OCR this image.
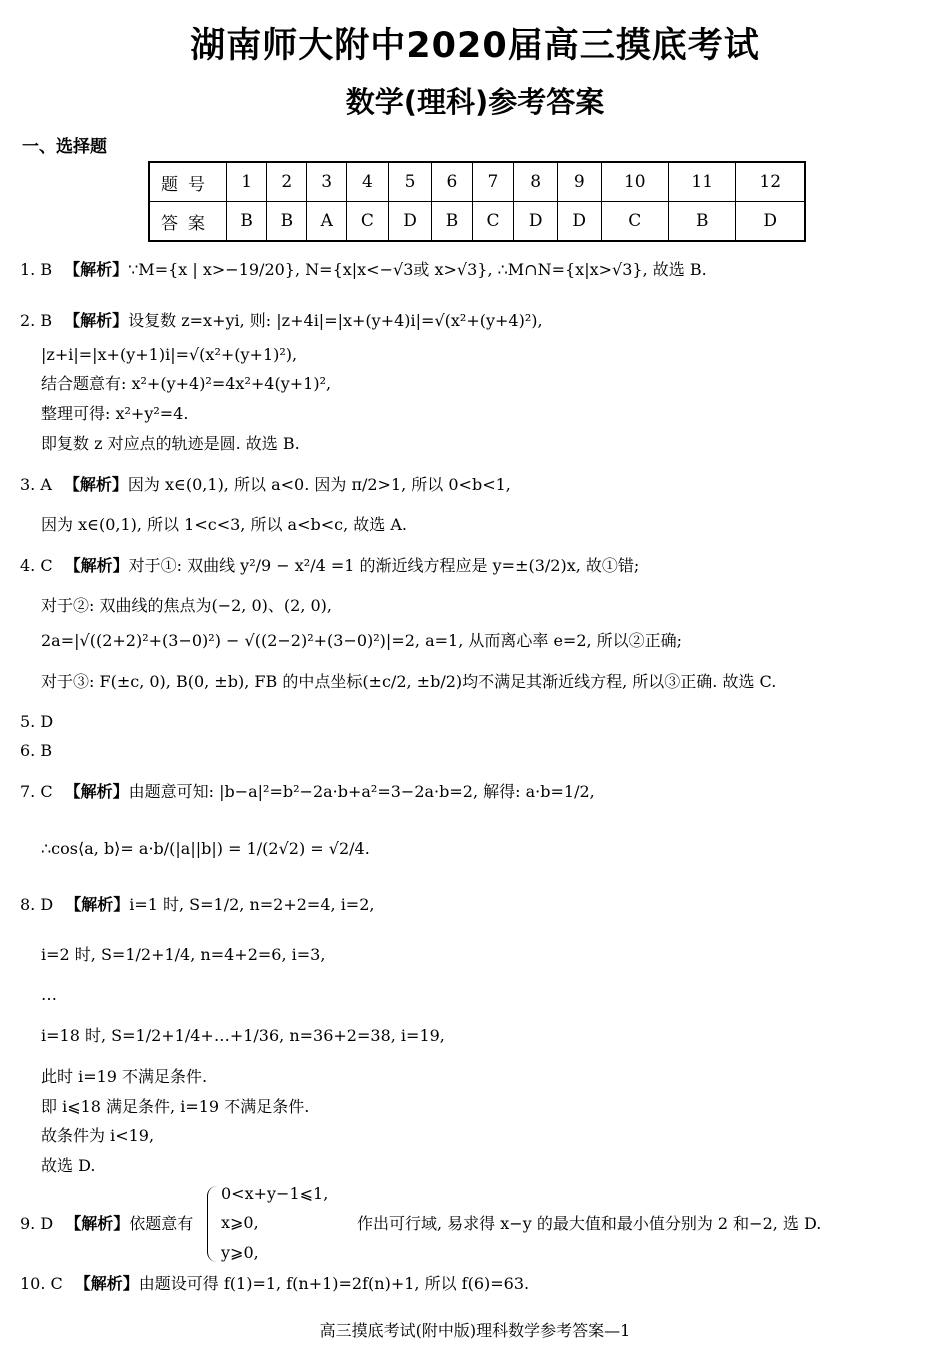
湖南师大附中2020届高三摸底考试
数学(理科)参考答案
一、选择题
题号	1	2	3	4	5	6	7	8	9	10	11	12
答案	B	B	A	C	D	B	C	D	D	C	B	D
1. B 【解析】∵M={x | x>−19/20}, N={x|x<−√3或 x>√3}, ∴M∩N={x|x>√3}, 故选 B.
2. B 【解析】设复数 z=x+yi, 则: |z+4i|=|x+(y+4)i|=√(x²+(y+4)²),
|z+i|=|x+(y+1)i|=√(x²+(y+1)²),
结合题意有: x²+(y+4)²=4x²+4(y+1)²,
整理可得: x²+y²=4.
即复数 z 对应点的轨迹是圆. 故选 B.
3. A 【解析】因为 x∈(0,1), 所以 a<0. 因为 π/2>1, 所以 0<b<1,
因为 x∈(0,1), 所以 1<c<3, 所以 a<b<c, 故选 A.
4. C 【解析】对于①: 双曲线 y²/9 − x²/4 =1 的渐近线方程应是 y=±(3/2)x, 故①错;
对于②: 双曲线的焦点为(−2, 0)、(2, 0),
2a=|√((2+2)²+(3−0)²) − √((2−2)²+(3−0)²)|=2, a=1, 从而离心率 e=2, 所以②正确;
对于③: F(±c, 0), B(0, ±b), FB 的中点坐标(±c/2, ±b/2)均不满足其渐近线方程, 所以③正确. 故选 C.
5. D
6. B
7. C 【解析】由题意可知: |b−a|²=b²−2a·b+a²=3−2a·b=2, 解得: a·b=1/2,
∴cos⟨a, b⟩= a·b/(|a||b|) = 1/(2√2) = √2/4.
8. D 【解析】i=1 时, S=1/2, n=2+2=4, i=2,
i=2 时, S=1/2+1/4, n=4+2=6, i=3,
…
i=18 时, S=1/2+1/4+…+1/36, n=36+2=38, i=19,
此时 i=19 不满足条件.
即 i⩽18 满足条件, i=19 不满足条件.
故条件为 i<19,
故选 D.
9. D 【解析】依题意有
0<x+y−1⩽1,
x⩾0,
y⩾0,
作出可行域, 易求得 x−y 的最大值和最小值分别为 2 和−2, 选 D.
10. C 【解析】由题设可得 f(1)=1, f(n+1)=2f(n)+1, 所以 f(6)=63.
高三摸底考试(附中版)理科数学参考答案—1
